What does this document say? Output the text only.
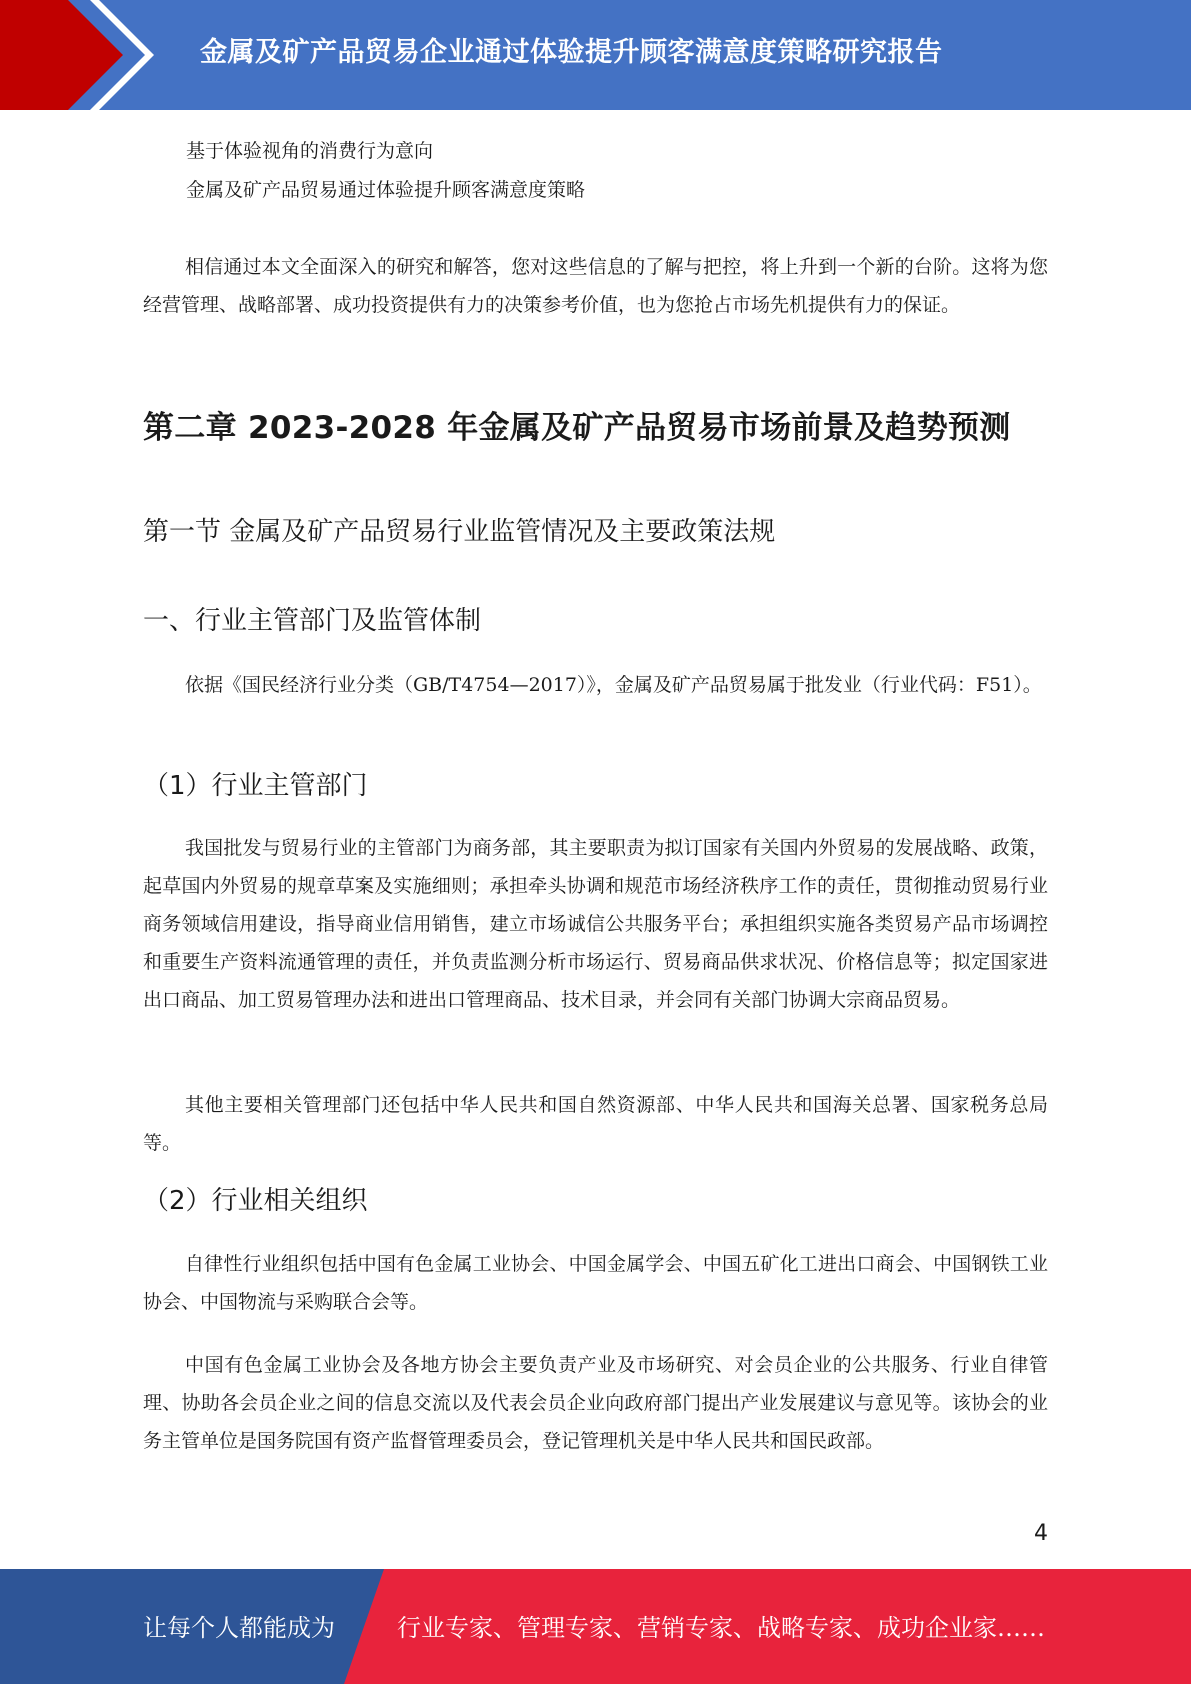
金属及矿产品贸易企业通过体验提升顾客满意度策略研究报告
基于体验视角的消费行为意向
金属及矿产品贸易通过体验提升顾客满意度策略
相信通过本文全面深入的研究和解答，您对这些信息的了解与把控，将上升到一个新的台阶。这将为您经营管理、战略部署、成功投资提供有力的决策参考价值，也为您抢占市场先机提供有力的保证。
第二章 2023-2028 年金属及矿产品贸易市场前景及趋势预测
第一节 金属及矿产品贸易行业监管情况及主要政策法规
一、行业主管部门及监管体制
依据《国民经济行业分类（GB/T4754—2017）》，金属及矿产品贸易属于批发业（行业代码：F51）。
（1）行业主管部门
我国批发与贸易行业的主管部门为商务部，其主要职责为拟订国家有关国内外贸易的发展战略、政策，起草国内外贸易的规章草案及实施细则；承担牵头协调和规范市场经济秩序工作的责任，贯彻推动贸易行业商务领域信用建设，指导商业信用销售，建立市场诚信公共服务平台；承担组织实施各类贸易产品市场调控和重要生产资料流通管理的责任，并负责监测分析市场运行、贸易商品供求状况、价格信息等；拟定国家进出口商品、加工贸易管理办法和进出口管理商品、技术目录，并会同有关部门协调大宗商品贸易。
其他主要相关管理部门还包括中华人民共和国自然资源部、中华人民共和国海关总署、国家税务总局等。
（2）行业相关组织
自律性行业组织包括中国有色金属工业协会、中国金属学会、中国五矿化工进出口商会、中国钢铁工业协会、中国物流与采购联合会等。
中国有色金属工业协会及各地方协会主要负责产业及市场研究、对会员企业的公共服务、行业自律管理、协助各会员企业之间的信息交流以及代表会员企业向政府部门提出产业发展建议与意见等。该协会的业务主管单位是国务院国有资产监督管理委员会，登记管理机关是中华人民共和国民政部。
4
让每个人都能成为	行业专家、管理专家、营销专家、战略专家、成功企业家……
